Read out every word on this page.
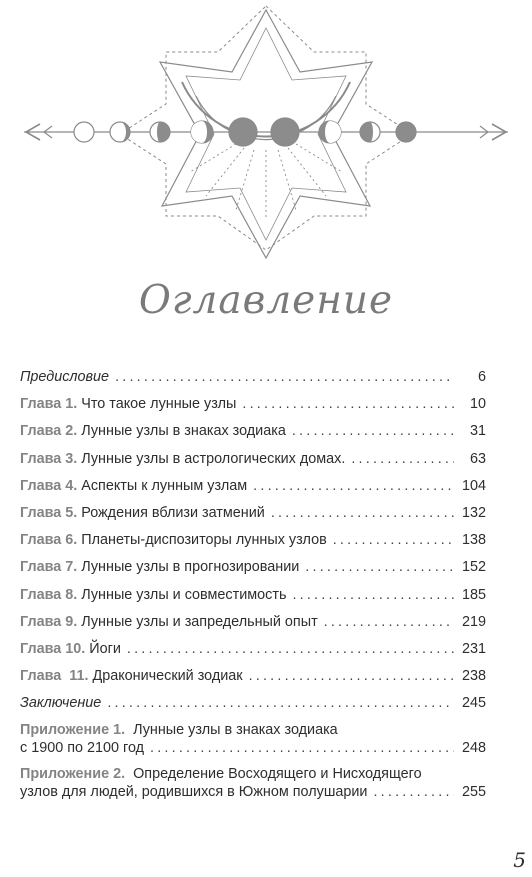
Оглавление
Предисловие .....	6
Глава 1. Что такое лунные узлы .....	10
Глава 2. Лунные узлы в знаках зодиака .....	31
Глава 3. Лунные узлы в астрологических домах. .....	63
Глава 4. Аспекты к лунным узлам .....	104
Глава 5. Рождения вблизи затмений .....	132
Глава 6. Планеты-диспозиторы лунных узлов .....	138
Глава 7. Лунные узлы в прогнозировании .....	152
Глава 8. Лунные узлы и совместимость .....	185
Глава 9. Лунные узлы и запредельный опыт .....	219
Глава 10. Йоги .....	231
Глава  11. Драконический зодиак .....	238
Заключение .....	245
Приложение 1. Лунные узлы в знаках зодиака
с 1900 по 2100 год .....	248
Приложение 2. Определение Восходящего и Нисходящего
узлов для людей, родившихся в Южном полушарии .....	255
5
